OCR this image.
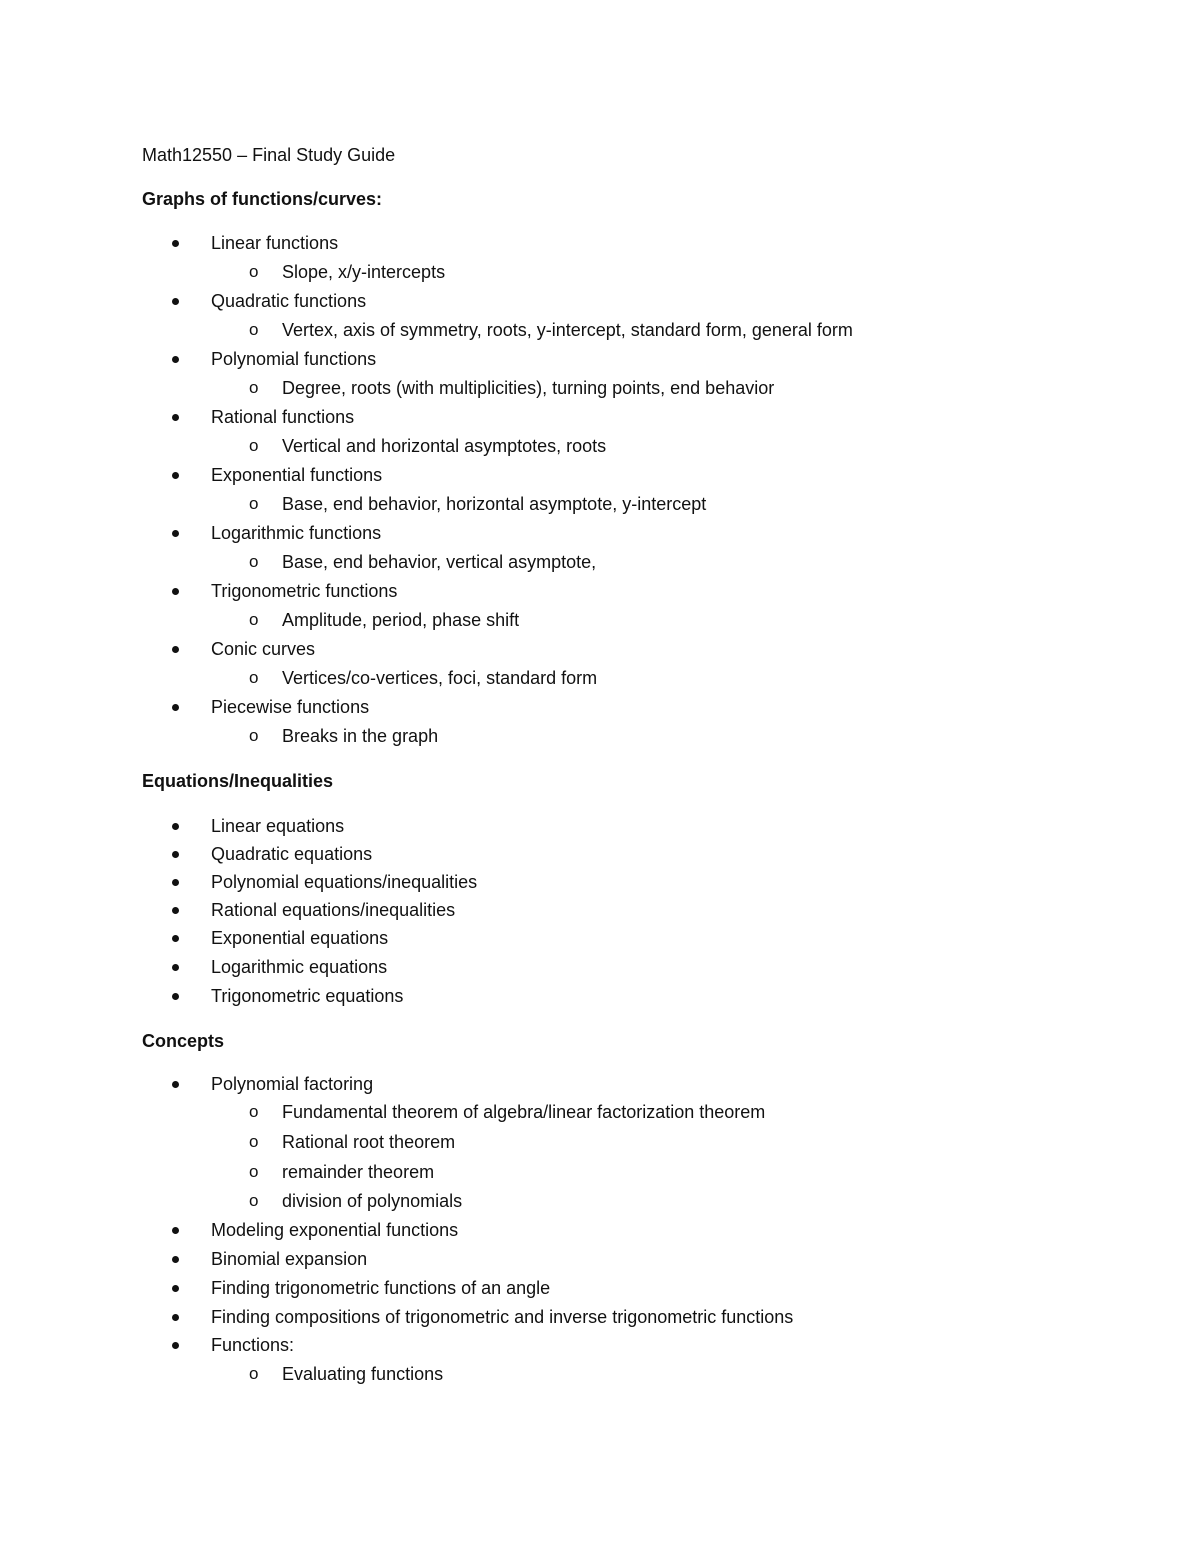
Math12550 – Final Study Guide
Graphs of functions/curves:
Linear functions
o Slope, x/y-intercepts
Quadratic functions
o Vertex, axis of symmetry, roots, y-intercept, standard form, general form
Polynomial functions
o Degree, roots (with multiplicities), turning points, end behavior
Rational functions
o Vertical and horizontal asymptotes, roots
Exponential functions
o Base, end behavior, horizontal asymptote, y-intercept
Logarithmic functions
o Base, end behavior, vertical asymptote,
Trigonometric functions
o Amplitude, period, phase shift
Conic curves
o Vertices/co-vertices, foci, standard form
Piecewise functions
o Breaks in the graph
Equations/Inequalities
Linear equations
Quadratic equations
Polynomial equations/inequalities
Rational equations/inequalities
Exponential equations
Logarithmic equations
Trigonometric equations
Concepts
Polynomial factoring
o Fundamental theorem of algebra/linear factorization theorem
o Rational root theorem
o remainder theorem
o division of polynomials
Modeling exponential functions
Binomial expansion
Finding trigonometric functions of an angle
Finding compositions of trigonometric and inverse trigonometric functions
Functions:
o Evaluating functions
